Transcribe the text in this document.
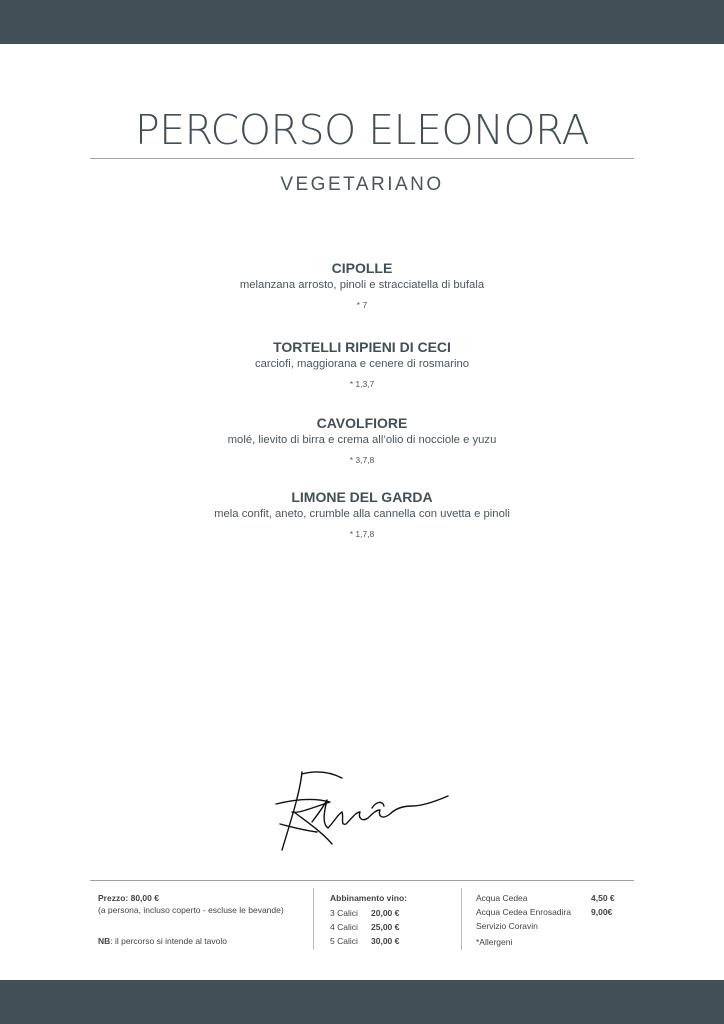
PERCORSO ELEONORA
VEGETARIANO
CIPOLLE
melanzana arrosto, pinoli e stracciatella di bufala
* 7
TORTELLI RIPIENI DI CECI
carciofi, maggiorana e cenere di rosmarino
* 1,3,7
CAVOLFIORE
molé, lievito di birra e crema all’olio di nocciole e yuzu
* 3,7,8
LIMONE DEL GARDA
mela confit, aneto, crumble alla cannella con uvetta e pinoli
* 1,7,8
Prezzo: 80,00 €
(a persona, incluso coperto - escluse le bevande)
NB: il percorso si intende al tavolo
Abbinamento vino:
3 Calici 20,00 €
4 Calici 25,00 €
5 Calici 30,00 €
Acqua Cedea	4,50 €
Acqua Cedea Enrosadira 9,00€
Servizio Coravin
*Allergeni
